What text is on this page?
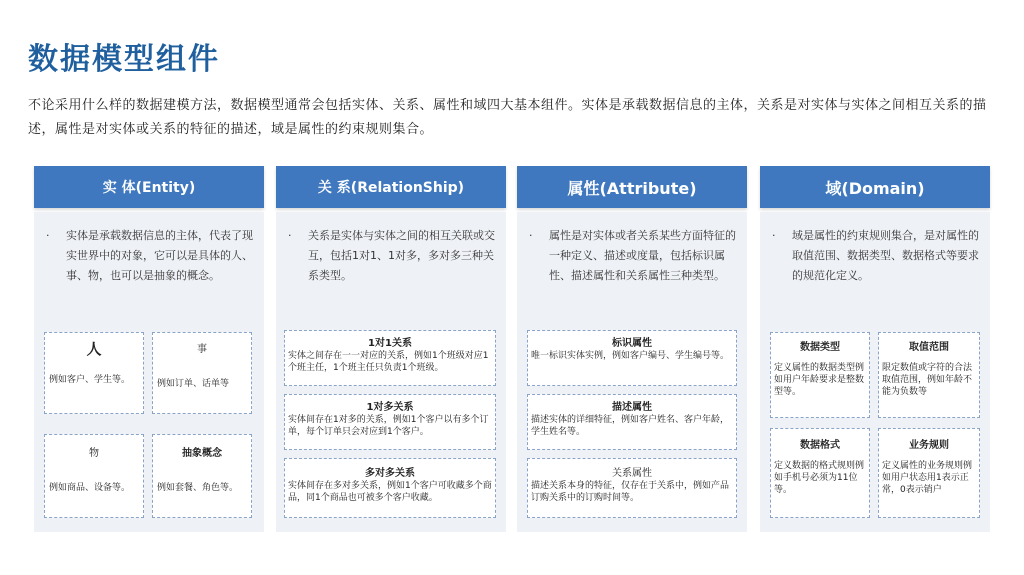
数据模型组件
不论采用什么样的数据建模方法，数据模型通常会包括实体、关系、属性和域四大基本组件。实体是承载数据信息的主体，关系是对实体与实体之间相互关系的描述，属性是对实体或关系的特征的描述，域是属性的约束规则集合。
实 体(Entity)
·	实体是承载数据信息的主体，代表了现实世界中的对象，它可以是具体的人、事、物，也可以是抽象的概念。
人
例如客户、学生等。
事
例如订单、话单等
物
例如商品、设备等。
抽象概念
例如套餐、角色等。
关 系(RelationShip)
·	关系是实体与实体之间的相互关联或交互，包括1对1、1对多，多对多三种关系类型。
1对1关系
实体之间存在一一对应的关系，例如1个班级对应1个班主任，1个班主任只负责1个班级。
1对多关系
实体间存在1对多的关系，例如1个客户以有多个订单，每个订单只会对应到1个客户。
多对多关系
实体间存在多对多关系，例如1个客户可收藏多个商品，同1个商品也可被多个客户收藏。
属性(Attribute)
·	属性是对实体或者关系某些方面特征的一种定义、描述或度量，包括标识属性、描述属性和关系属性三种类型。
标识属性
唯一标识实体实例，例如客户编号、学生编号等。
描述属性
描述实体的详细特征，例如客户姓名、客户年龄，学生姓名等。
关系属性
描述关系本身的特征，仅存在于关系中，例如产品订购关系中的订购时间等。
域(Domain)
·	域是属性的约束规则集合，是对属性的取值范围、数据类型、数据格式等要求的规范化定义。
数据类型
定义属性的数据类型例如用户年龄要求是整数型等。
取值范围
限定数值或字符的合法取值范围，例如年龄不能为负数等
数据格式
定义数据的格式规则例如手机号必须为11位等。
业务规则
定义属性的业务规则例如用户状态用1表示正常，0表示销户
